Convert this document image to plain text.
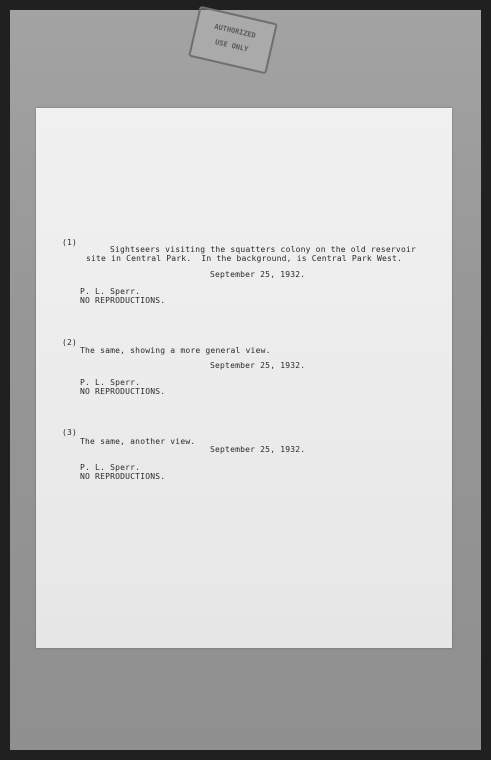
AUTHORIZED
USE ONLY
(1)
Sightseers visiting the squatters colony on the old reservoir
site in Central Park.  In the background, is Central Park West.
September 25, 1932.
P. L. Sperr.
NO REPRODUCTIONS.
(2)
The same, showing a more general view.
September 25, 1932.
P. L. Sperr.
NO REPRODUCTIONS.
(3)
The same, another view.
September 25, 1932.
P. L. Sperr.
NO REPRODUCTIONS.
